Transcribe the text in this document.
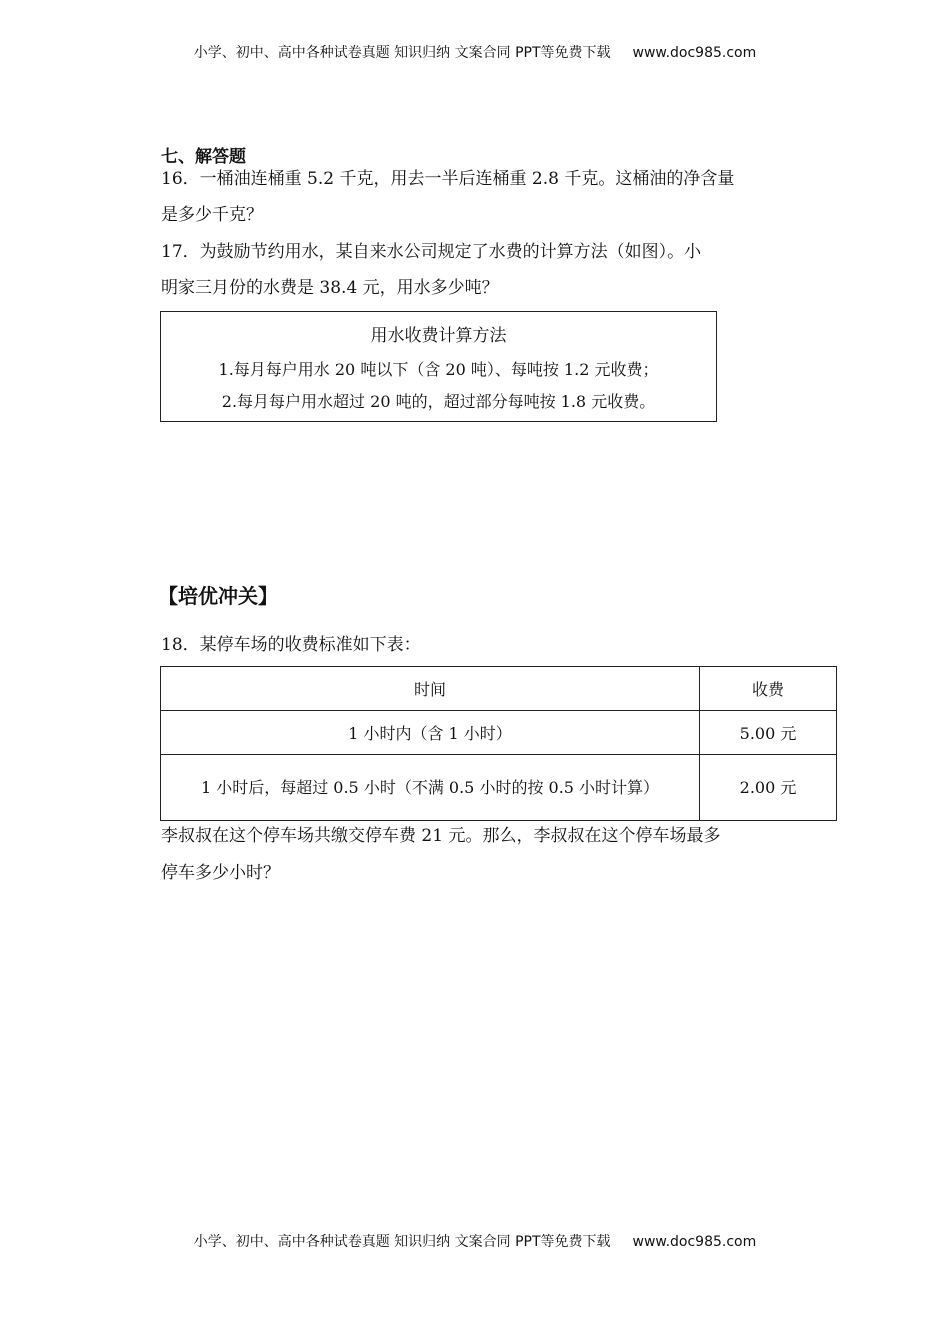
小学、初中、高中各种试卷真题 知识归纳 文案合同 PPT等免费下载 www.doc985.com
七、解答题
16．一桶油连桶重 5.2 千克，用去一半后连桶重 2.8 千克。这桶油的净含量
是多少千克？
17．为鼓励节约用水，某自来水公司规定了水费的计算方法（如图）。小
明家三月份的水费是 38.4 元，用水多少吨？
用水收费计算方法
1.每月每户用水 20 吨以下（含 20 吨）、每吨按 1.2 元收费；
2.每月每户用水超过 20 吨的，超过部分每吨按 1.8 元收费。
【培优冲关】
18．某停车场的收费标准如下表：
时间	收费
1 小时内（含 1 小时）	5.00 元
1 小时后，每超过 0.5 小时（不满 0.5 小时的按 0.5 小时计算）	2.00 元
李叔叔在这个停车场共缴交停车费 21 元。那么，李叔叔在这个停车场最多
停车多少小时？
小学、初中、高中各种试卷真题 知识归纳 文案合同 PPT等免费下载 www.doc985.com
